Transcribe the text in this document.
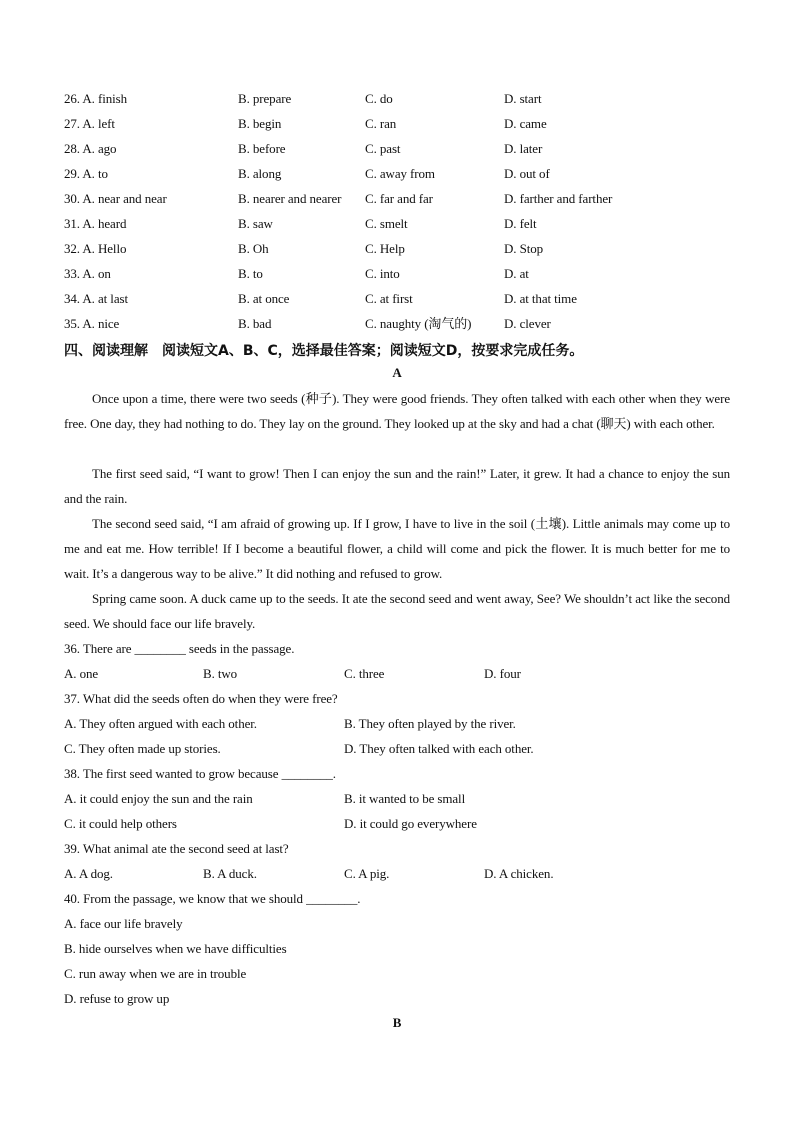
26. A. finish	B. prepare	C. do	D. start
27. A. left	B. begin	C. ran	D. came
28. A. ago	B. before	C. past	D. later
29. A. to	B. along	C. away from	D. out of
30. A. near and near	B. nearer and nearer C. far and far	D. farther and farther
31. A. heard	B. saw	C. smelt	D. felt
32. A. Hello	B. Oh	C. Help	D. Stop
33. A. on	B. to	C. into	D. at
34. A. at last	B. at once	C. at first	D. at that time
35. A. nice	B. bad	C. naughty (淘气的)	D. clever
四、阅读理解　阅读短文A、B、C，选择最佳答案；阅读短文D，按要求完成任务。
A
Once upon a time, there were two seeds (种子). They were good friends. They often talked with each other when they were free. One day, they had nothing to do. They lay on the ground. They looked up at the sky and had a chat (聊天) with each other.
The first seed said, “I want to grow! Then I can enjoy the sun and the rain!” Later, it grew. It had a chance to enjoy the sun and the rain.
The second seed said, “I am afraid of growing up. If I grow, I have to live in the soil (土壤). Little animals may come up to me and eat me. How terrible! If I become a beautiful flower, a child will come and pick the flower. It is much better for me to wait. It’s a dangerous way to be alive.” It did nothing and refused to grow.
Spring came soon. A duck came up to the seeds. It ate the second seed and went away, See? We shouldn’t act like the second seed. We should face our life bravely.
36. There are ________ seeds in the passage.
A. one	B. two	C. three	D. four
37. What did the seeds often do when they were free?
A. They often argued with each other.	B. They often played by the river.
C. They often made up stories.	D. They often talked with each other.
38. The first seed wanted to grow because ________.
A. it could enjoy the sun and the rain	B. it wanted to be small
C. it could help others	D. it could go everywhere
39. What animal ate the second seed at last?
A. A dog.	B. A duck.	C. A pig.	D. A chicken.
40. From the passage, we know that we should ________.
A. face our life bravely
B. hide ourselves when we have difficulties
C. run away when we are in trouble
D. refuse to grow up
B
